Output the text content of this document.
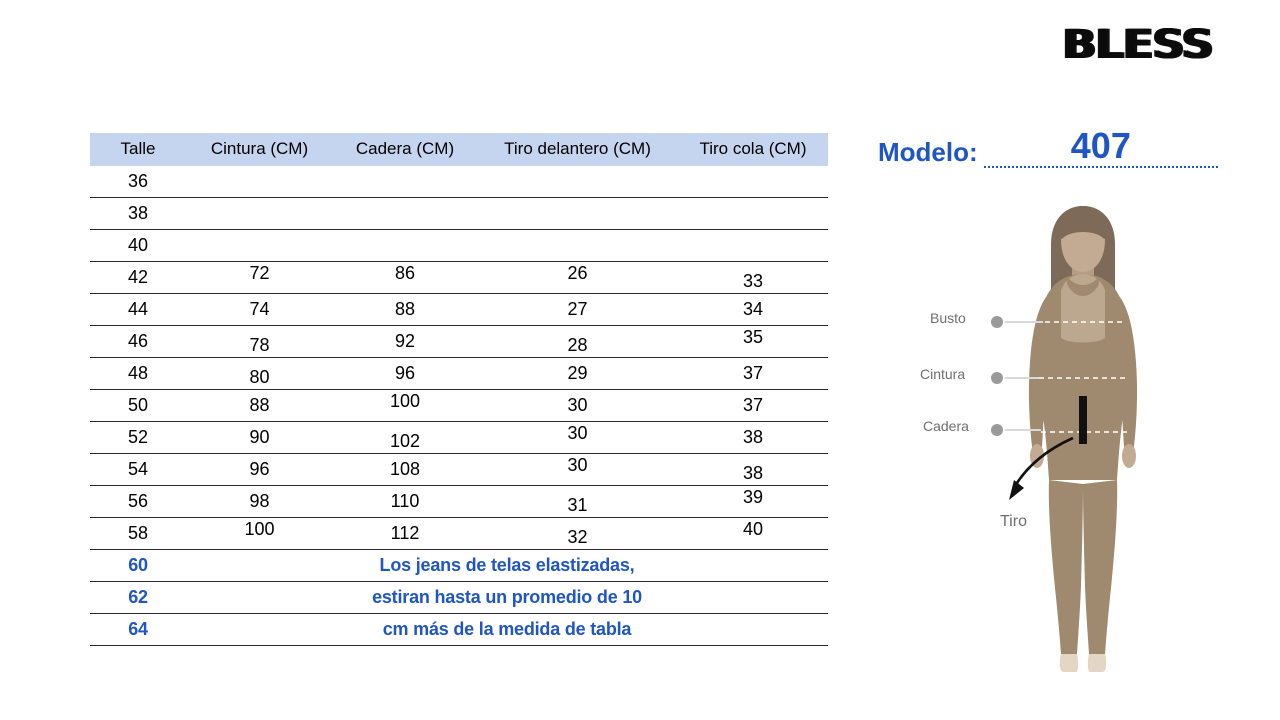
BLESS
Talle	Cintura (CM)	Cadera (CM)	Tiro delantero (CM)	Tiro cola (CM)
36				
38				
40				
42	72	86	26	33
44	74	88	27	34
46	78	92	28	35
48	80	96	29	37
50	88	100	30	37
52	90	102	30	38
54	96	108	30	38
56	98	110	31	39
58	100	112	32	40
60	Los jeans de telas elastizadas,			
62	estiran hasta un promedio de 10			
64	cm más de la medida de tabla			
Modelo:	407
Busto
Cintura
Cadera
Tiro
